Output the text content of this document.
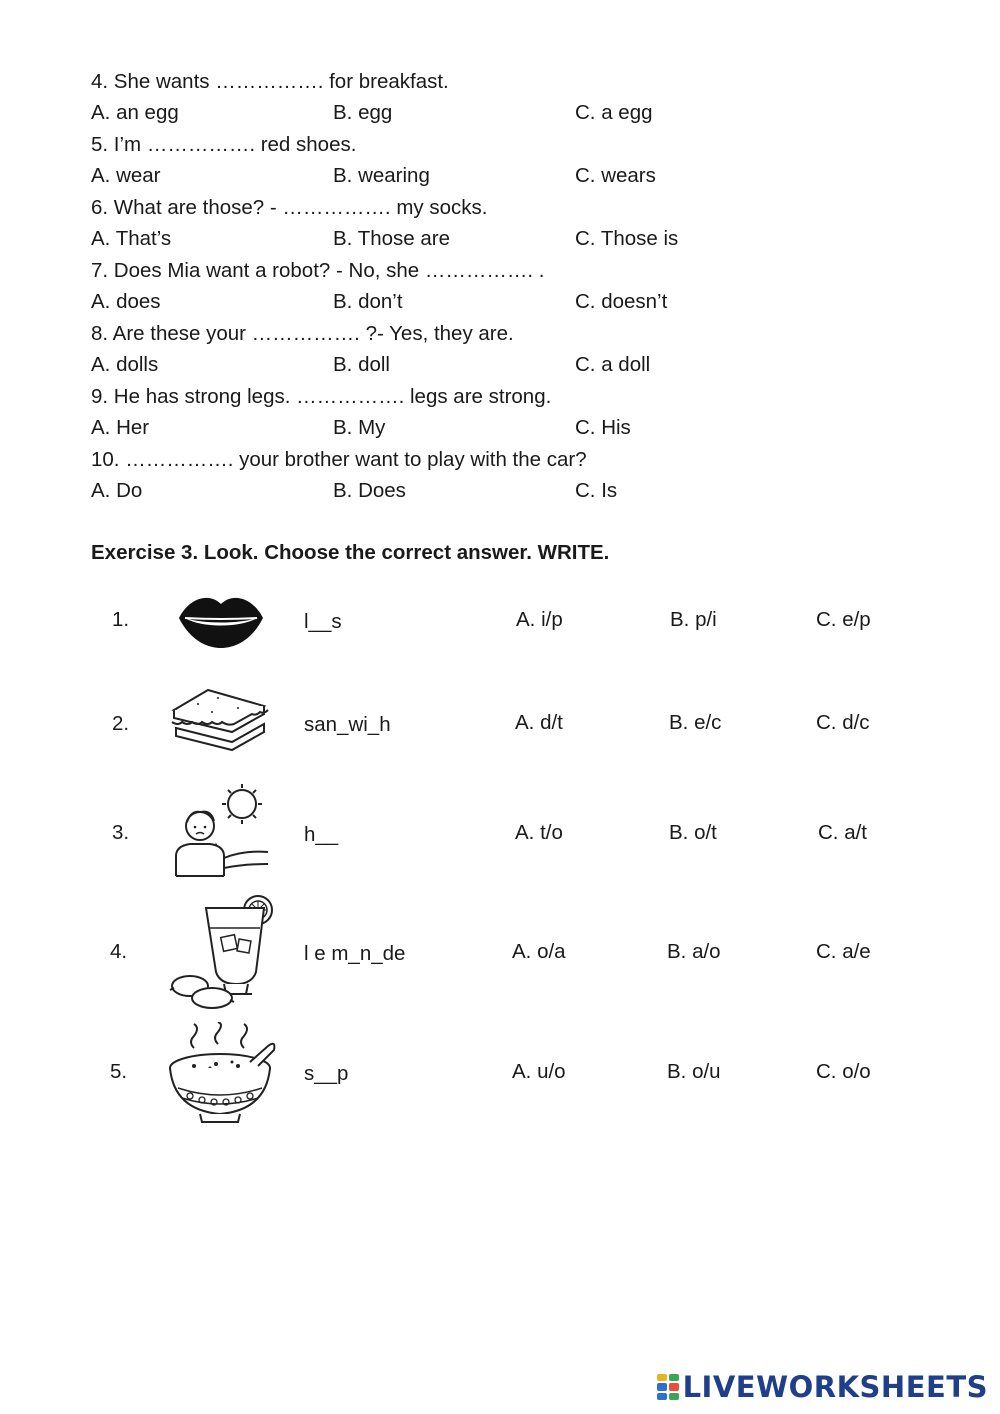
4. She wants ……………. for breakfast.
A. an egg	B. egg	C. a egg
5. I’m ……………. red shoes.
A. wear	B. wearing	C. wears
6. What are those? - ……………. my socks.
A. That’s	B. Those are	C. Those is
7. Does Mia want a robot? - No, she ……………. .
A. does	B. don’t	C. doesn’t
8. Are these your ……………. ?- Yes, they are.
A. dolls	B. doll	C. a doll
9. He has strong legs. ……………. legs are strong.
A. Her	B. My	C. His
10. ……………. your brother want to play with the car?
A. Do	B. Does	C. Is
Exercise 3. Look. Choose the correct answer. WRITE.
1.	l__s	A. i/p	B. p/i	C. e/p
2.	san_wi_h	A. d/t	B. e/c	C. d/c
3.	h__	A. t/o	B. o/t	C. a/t
4.	l e m_n_de	A. o/a	B. a/o	C. a/e
5.	s__p	A. u/o	B. o/u	C. o/o
LIVEWORKSHEETS
